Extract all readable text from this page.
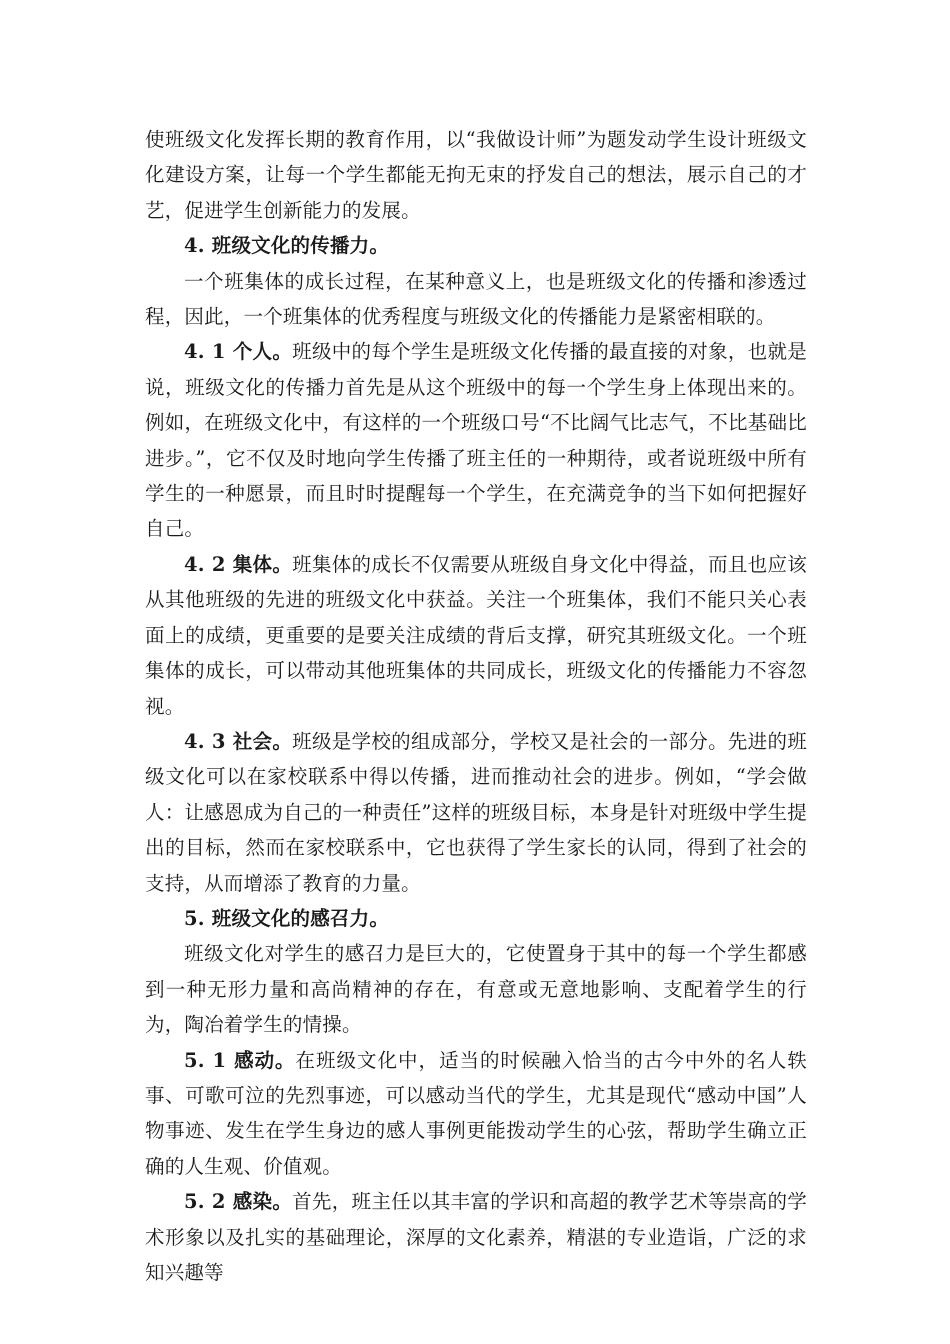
使班级文化发挥长期的教育作用，以“我做设计师”为题发动学生设计班级文化建设方案，让每一个学生都能无拘无束的抒发自己的想法，展示自己的才艺，促进学生创新能力的发展。

4. 班级文化的传播力。

一个班集体的成长过程，在某种意义上，也是班级文化的传播和渗透过程，因此，一个班集体的优秀程度与班级文化的传播能力是紧密相联的。

4. 1 个人。班级中的每个学生是班级文化传播的最直接的对象，也就是说，班级文化的传播力首先是从这个班级中的每一个学生身上体现出来的。例如，在班级文化中，有这样的一个班级口号“不比阔气比志气，不比基础比进步。”，它不仅及时地向学生传播了班主任的一种期待，或者说班级中所有学生的一种愿景，而且时时提醒每一个学生，在充满竞争的当下如何把握好自己。

4. 2 集体。班集体的成长不仅需要从班级自身文化中得益，而且也应该从其他班级的先进的班级文化中获益。关注一个班集体，我们不能只关心表面上的成绩，更重要的是要关注成绩的背后支撑，研究其班级文化。一个班集体的成长，可以带动其他班集体的共同成长，班级文化的传播能力不容忽视。

4. 3 社会。班级是学校的组成部分，学校又是社会的一部分。先进的班级文化可以在家校联系中得以传播，进而推动社会的进步。例如，“学会做人：让感恩成为自己的一种责任”这样的班级目标，本身是针对班级中学生提出的目标，然而在家校联系中，它也获得了学生家长的认同，得到了社会的支持，从而增添了教育的力量。

5. 班级文化的感召力。

班级文化对学生的感召力是巨大的，它使置身于其中的每一个学生都感到一种无形力量和高尚精神的存在，有意或无意地影响、支配着学生的行为，陶冶着学生的情操。

5. 1 感动。在班级文化中，适当的时候融入恰当的古今中外的名人轶事、可歌可泣的先烈事迹，可以感动当代的学生，尤其是现代“感动中国”人物事迹、发生在学生身边的感人事例更能拨动学生的心弦，帮助学生确立正确的人生观、价值观。

5. 2 感染。首先，班主任以其丰富的学识和高超的教学艺术等崇高的学术形象以及扎实的基础理论，深厚的文化素养，精湛的专业造诣，广泛的求知兴趣等
